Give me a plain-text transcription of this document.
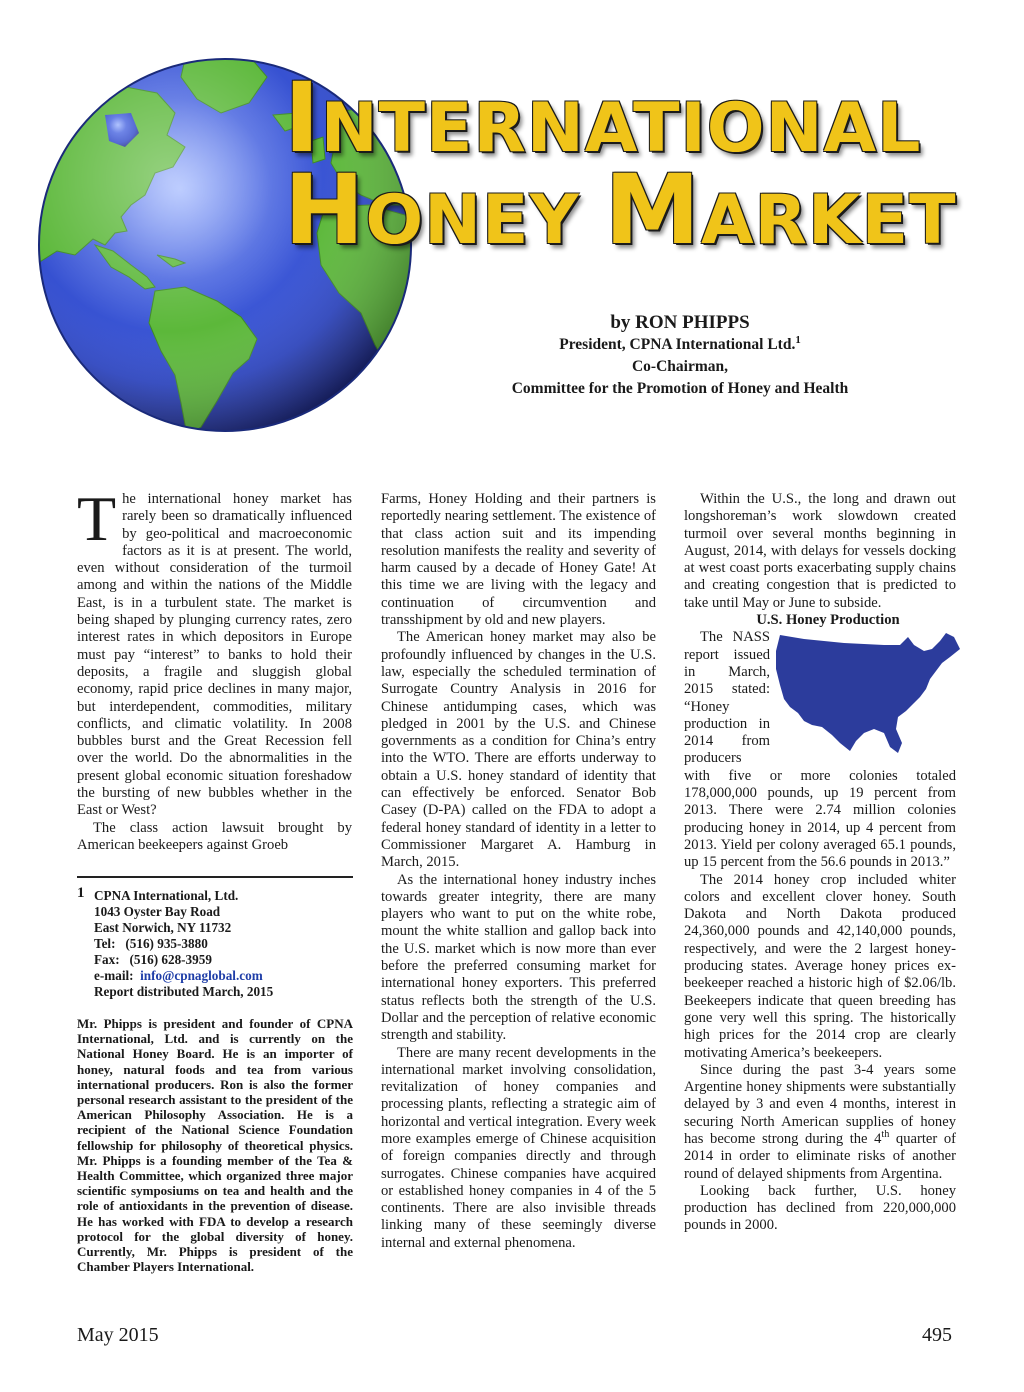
INTERNATIONAL
HONEY MARKET
by RON PHIPPS
President, CPNA International Ltd.$^1$
Co-Chairman,
Committee for the Promotion of Honey and Health

The international honey market has rarely been so dramatically influenced by geo-political and macroeconomic factors as it is at present. The world, even without consideration of the turmoil among and within the nations of the Middle East, is in a turbulent state. The market is being shaped by plunging currency rates, zero interest rates in which depositors in Europe must pay “interest” to banks to hold their deposits, a fragile and sluggish global economy, rapid price declines in many major, but interdependent, commodities, military conflicts, and climatic volatility. In 2008 bubbles burst and the Great Recession fell over the world. Do the abnormalities in the present global economic situation foreshadow the bursting of new bubbles whether in the East or West?

The class action lawsuit brought by American beekeepers against Groeb

1 CPNA International, Ltd.
1043 Oyster Bay Road
East Norwich, NY 11732
Tel:   (516) 935-3880
Fax:   (516) 628-3959
e-mail: info@cpnaglobal.com
Report distributed March, 2015

Mr. Phipps is president and founder of CPNA International, Ltd. and is currently on the National Honey Board. He is an importer of honey, natural foods and tea from various international producers. Ron is also the former personal research assistant to the president of the American Philosophy Association. He is a recipient of the National Science Foundation fellowship for philosophy of theoretical physics. Mr. Phipps is a founding member of the Tea & Health Committee, which organized three major scientific symposiums on tea and health and the role of antioxidants in the prevention of disease. He has worked with FDA to develop a research protocol for the global diversity of honey. Currently, Mr. Phipps is president of the Chamber Players International.

Farms, Honey Holding and their partners is reportedly nearing settlement. The existence of that class action suit and its impending resolution manifests the reality and severity of harm caused by a decade of Honey Gate! At this time we are living with the legacy and continuation of circumvention and transshipment by old and new players.

The American honey market may also be profoundly influenced by changes in the U.S. law, especially the scheduled termination of Surrogate Country Analysis in 2016 for Chinese antidumping cases, which was pledged in 2001 by the U.S. and Chinese governments as a condition for China’s entry into the WTO. There are efforts underway to obtain a U.S. honey standard of identity that can effectively be enforced. Senator Bob Casey (D-PA) called on the FDA to adopt a federal honey standard of identity in a letter to Commissioner Margaret A. Hamburg in March, 2015.

As the international honey industry inches towards greater integrity, there are many players who want to put on the white robe, mount the white stallion and gallop back into the U.S. market which is now more than ever before the preferred consuming market for international honey exporters. This preferred status reflects both the strength of the U.S. Dollar and the perception of relative economic strength and stability.

There are many recent developments in the international market involving consolidation, revitalization of honey companies and processing plants, reflecting a strategic aim of horizontal and vertical integration. Every week more examples emerge of Chinese acquisition of foreign companies directly and through surrogates. Chinese companies have acquired or established honey companies in 4 of the 5 continents. There are also invisible threads linking many of these seemingly diverse internal and external phenomena.

Within the U.S., the long and drawn out longshoreman’s work slowdown created turmoil over several months beginning in August, 2014, with delays for vessels docking at west coast ports exacerbating supply chains and creating congestion that is predicted to take until May or June to subside.

U.S. Honey Production

The NASS report issued in March, 2015 stated: “Honey production in 2014 from producers with five or more colonies totaled 178,000,000 pounds, up 19 percent from 2013. There were 2.74 million colonies producing honey in 2014, up 4 percent from 2013. Yield per colony averaged 65.1 pounds, up 15 percent from the 56.6 pounds in 2013.”

The 2014 honey crop included whiter colors and excellent clover honey. South Dakota and North Dakota produced 24,360,000 pounds and 42,140,000 pounds, respectively, and were the 2 largest honey-producing states. Average honey prices ex-beekeeper reached a historic high of $2.06/lb. Beekeepers indicate that queen breeding has gone very well this spring. The historically high prices for the 2014 crop are clearly motivating America’s beekeepers.

Since during the past 3-4 years some Argentine honey shipments were substantially delayed by 3 and even 4 months, interest in securing North American supplies of honey has become strong during the 4th quarter of 2014 in order to eliminate risks of another round of delayed shipments from Argentina.

Looking back further, U.S. honey production has declined from 220,000,000 pounds in 2000.

May 2015	495
